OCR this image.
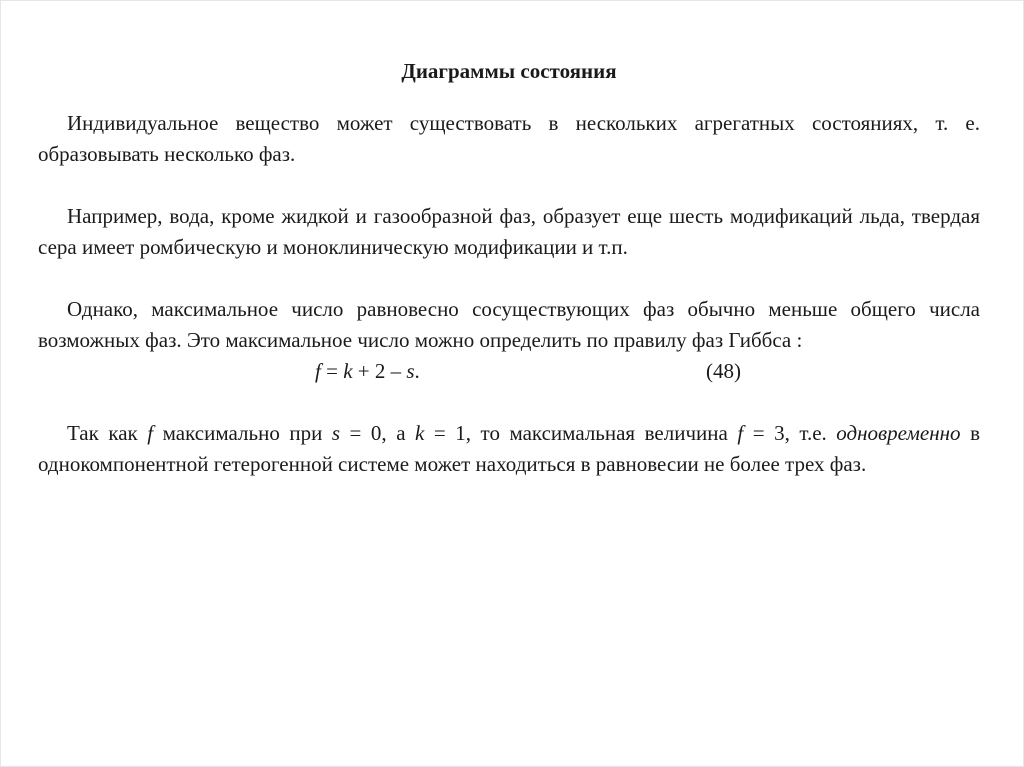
Диаграммы состояния

Индивидуальное вещество может существовать в нескольких агрегатных состояниях, т. е. образовывать несколько фаз.

Например, вода, кроме жидкой и газообразной фаз, образует еще шесть модификаций льда, твердая сера имеет ромбическую и моноклиническую модификации и т.п.

Однако, максимальное число равновесно сосуществующих фаз обычно меньше общего числа возможных фаз. Это максимальное число можно определить по правилу фаз Гиббса :

f = k + 2 – s.	(48)

Так как f максимально при s = 0, а k = 1, то максимальная величина f = 3, т.е. одновременно в однокомпонентной гетерогенной системе может находиться в равновесии не более трех фаз.
